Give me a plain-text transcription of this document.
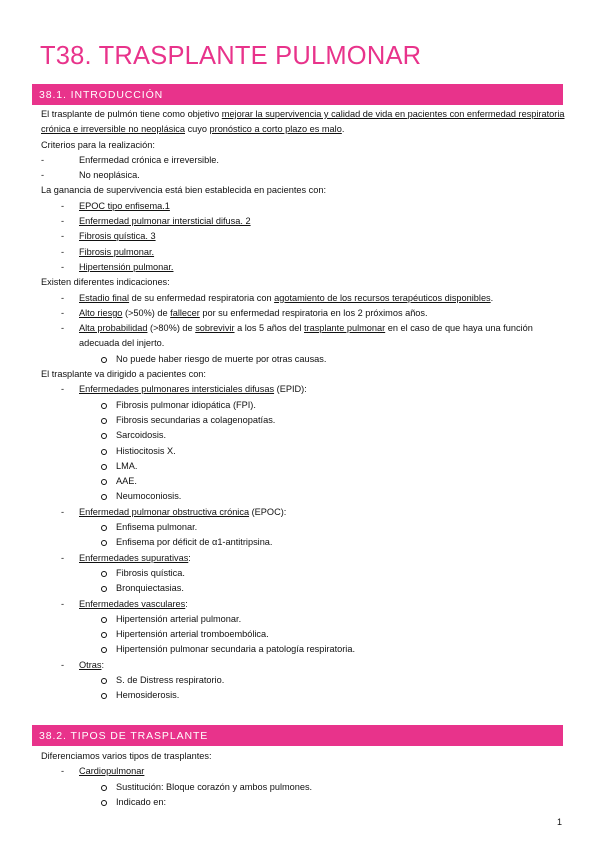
T38. TRASPLANTE PULMONAR
38.1. INTRODUCCIÓN
El trasplante de pulmón tiene como objetivo mejorar la supervivencia y calidad de vida en pacientes con enfermedad respiratoria crónica e irreversible no neoplásica cuyo pronóstico a corto plazo es malo.
Criterios para la realización:
-	Enfermedad crónica e irreversible.
-	No neoplásica.
La ganancia de supervivencia está bien establecida en pacientes con:
- EPOC tipo enfisema.1
- Enfermedad pulmonar intersticial difusa. 2
- Fibrosis quística. 3
- Fibrosis pulmonar.
- Hipertensión pulmonar.
Existen diferentes indicaciones:
- Estadio final de su enfermedad respiratoria con agotamiento de los recursos terapéuticos disponibles.
- Alto riesgo (>50%) de fallecer por su enfermedad respiratoria en los 2 próximos años.
- Alta probabilidad (>80%) de sobrevivir a los 5 años del trasplante pulmonar en el caso de que haya una función
adecuada del injerto.
No puede haber riesgo de muerte por otras causas.
El trasplante va dirigido a pacientes con:
- Enfermedades pulmonares intersticiales difusas (EPID):
Fibrosis pulmonar idiopática (FPI).
Fibrosis secundarias a colagenopatías.
Sarcoidosis.
Histiocitosis X.
LMA.
AAE.
Neumoconiosis.
- Enfermedad pulmonar obstructiva crónica (EPOC):
Enfisema pulmonar.
Enfisema por déficit de α1-antitripsina.
- Enfermedades supurativas:
Fibrosis quística.
Bronquiectasias.
- Enfermedades vasculares:
Hipertensión arterial pulmonar.
Hipertensión arterial tromboembólica.
Hipertensión pulmonar secundaria a patología respiratoria.
- Otras:
S. de Distress respiratorio.
Hemosiderosis.
38.2. TIPOS DE TRASPLANTE
Diferenciamos varios tipos de trasplantes:
- Cardiopulmonar
Sustitución: Bloque corazón y ambos pulmones.
Indicado en:
1
